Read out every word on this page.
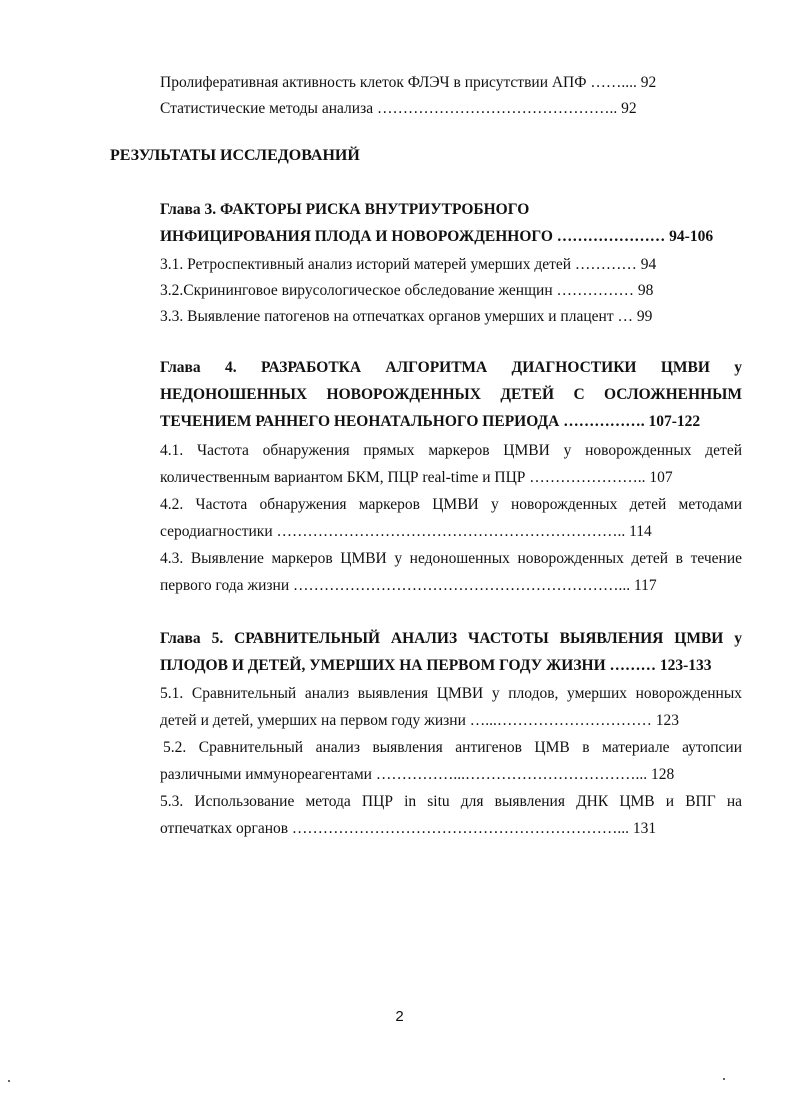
Пролиферативная активность клеток ФЛЭЧ в присутствии АПФ …….... 92
Статистические методы анализа ……………………………………….. 92
РЕЗУЛЬТАТЫ ИССЛЕДОВАНИЙ
Глава 3. ФАКТОРЫ РИСКА ВНУТРИУТРОБНОГО
ИНФИЦИРОВАНИЯ ПЛОДА И НОВОРОЖДЕННОГО ………………… 94-106
3.1. Ретроспективный анализ историй матерей умерших детей ………… 94
3.2.Скрининговое вирусологическое обследование женщин …………… 98
3.3. Выявление патогенов на отпечатках органов умерших и плацент … 99
Глава 4. РАЗРАБОТКА АЛГОРИТМА ДИАГНОСТИКИ ЦМВИ у
НЕДОНОШЕННЫХ НОВОРОЖДЕННЫХ ДЕТЕЙ С ОСЛОЖНЕННЫМ
ТЕЧЕНИЕМ РАННЕГО НЕОНАТАЛЬНОГО ПЕРИОДА ……………. 107-122
4.1. Частота обнаружения прямых маркеров ЦМВИ у новорожденных детей
количественным вариантом БКМ, ПЦР real-time и ПЦР ………………….. 107
4.2. Частота обнаружения маркеров ЦМВИ у новорожденных детей методами
серодиагностики ………………………………………………………….. 114
4.3. Выявление маркеров ЦМВИ у недоношенных новорожденных детей в течение
первого года жизни ………………………………………………………... 117
Глава 5. СРАВНИТЕЛЬНЫЙ АНАЛИЗ ЧАСТОТЫ ВЫЯВЛЕНИЯ ЦМВИ у
ПЛОДОВ И ДЕТЕЙ, УМЕРШИХ НА ПЕРВОМ ГОДУ ЖИЗНИ ……… 123-133
5.1. Сравнительный анализ выявления ЦМВИ у плодов, умерших новорожденных
детей и детей, умерших на первом году жизни …...………………………… 123
5.2. Сравнительный анализ выявления антигенов ЦМВ в материале аутопсии
различными иммунореагентами ……………...……………………………... 128
5.3. Использование метода ПЦР in situ для выявления ДНК ЦМВ и ВПГ на
отпечатках органов ………………………………………………………... 131
2
